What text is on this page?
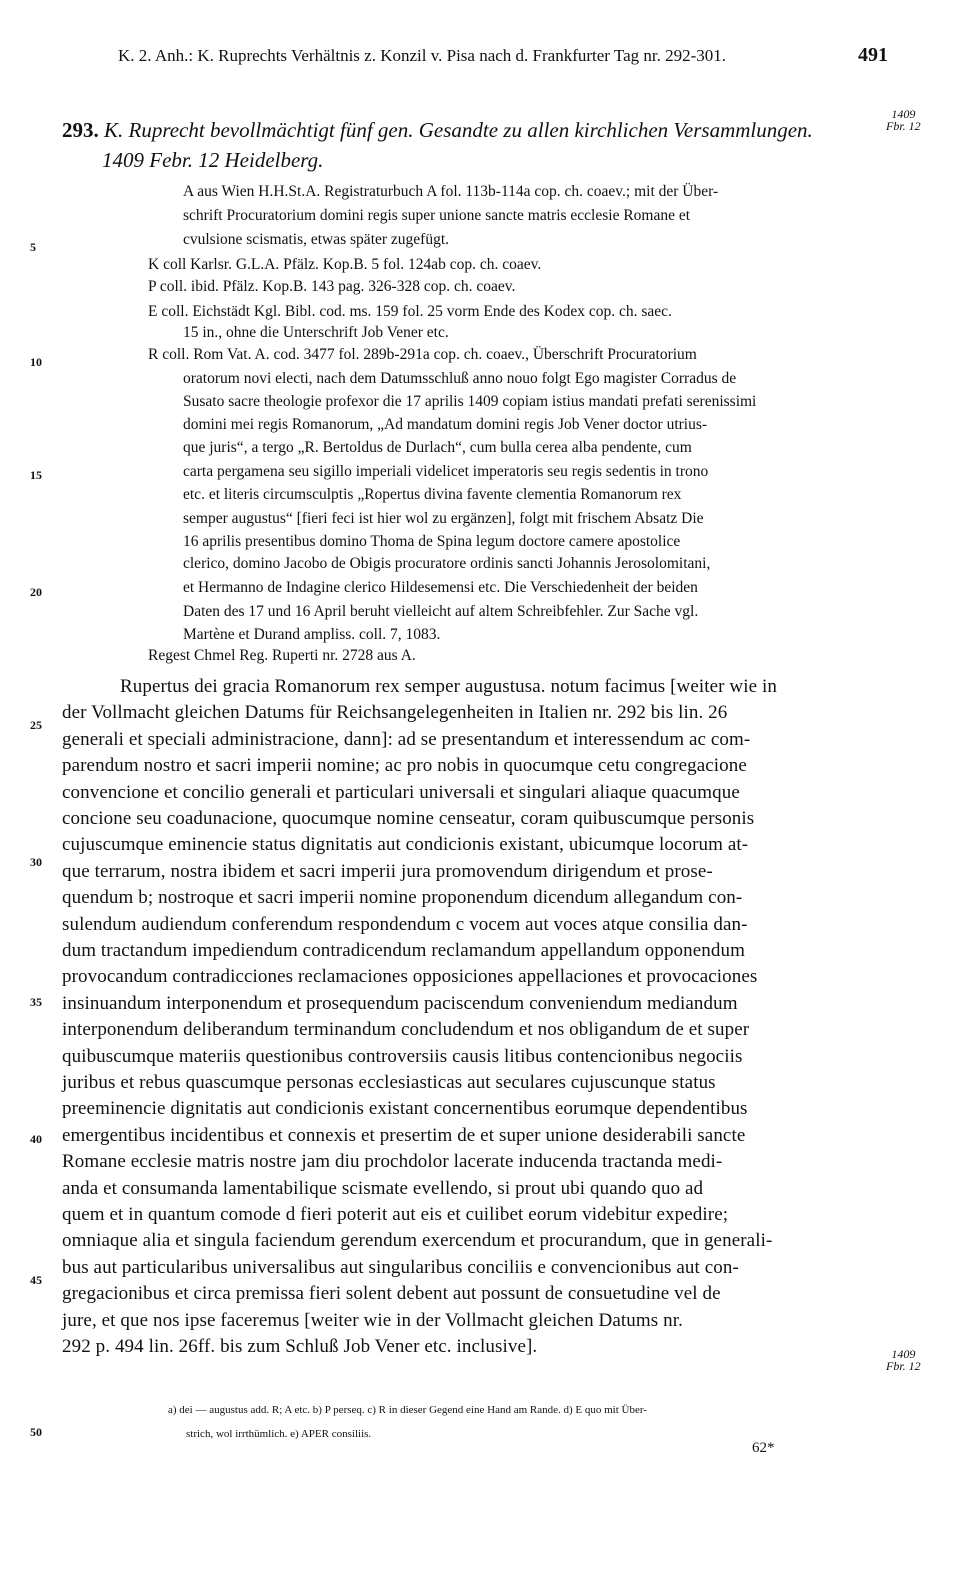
K. 2. Anh.: K. Ruprechts Verhältnis z. Konzil v. Pisa nach d. Frankfurter Tag nr. 292-301.	491
293. K. Ruprecht bevollmächtigt fünf gen. Gesandte zu allen kirchlichen Versammlungen.
1409 Febr. 12 Heidelberg.
1409
Fbr. 12
A aus Wien H.H.St.A. Registraturbuch A fol. 113b-114a cop. ch. coaev.; mit der Über-
schrift Procuratorium domini regis super unione sancte matris ecclesie Romane et
cvulsione scismatis, etwas später zugefügt.
K coll Karlsr. G.L.A. Pfälz. Kop.B. 5 fol. 124ab cop. ch. coaev.
P coll. ibid. Pfälz. Kop.B. 143 pag. 326-328 cop. ch. coaev.
E coll. Eichstädt Kgl. Bibl. cod. ms. 159 fol. 25 vorm Ende des Kodex cop. ch. saec.
15 in., ohne die Unterschrift Job Vener etc.
R coll. Rom Vat. A. cod. 3477 fol. 289b-291a cop. ch. coaev., Überschrift Procuratorium
oratorum novi electi, nach dem Datumsschluß anno nouo folgt Ego magister Corradus de
Susato sacre theologie profexor die 17 aprilis 1409 copiam istius mandati prefati serenissimi
domini mei regis Romanorum, „Ad mandatum domini regis Job Vener doctor utrius-
que juris“, a tergo „R. Bertoldus de Durlach“, cum bulla cerea alba pendente, cum
carta pergamena seu sigillo imperiali videlicet imperatoris seu regis sedentis in trono
etc. et literis circumsculptis „Ropertus divina favente clementia Romanorum rex
semper augustus“ [fieri feci ist hier wol zu ergänzen], folgt mit frischem Absatz Die
16 aprilis presentibus domino Thoma de Spina legum doctore camere apostolice
clerico, domino Jacobo de Obigis procuratore ordinis sancti Johannis Jerosolomitani,
et Hermanno de Indagine clerico Hildesemensi etc. Die Verschiedenheit der beiden
Daten des 17 und 16 April beruht vielleicht auf altem Schreibfehler. Zur Sache vgl.
Martène et Durand ampliss. coll. 7, 1083.
Regest Chmel Reg. Ruperti nr. 2728 aus A.
Rupertus dei gracia Romanorum rex semper augustusa. notum facimus [weiter wie in
der Vollmacht gleichen Datums für Reichsangelegenheiten in Italien nr. 292 bis lin. 26
generali et speciali administracione, dann]: ad se presentandum et interessendum ac com-
parendum nostro et sacri imperii nomine; ac pro nobis in quocumque cetu congregacione
convencione et concilio generali et particulari universali et singulari aliaque quacumque
concione seu coadunacione, quocumque nomine censeatur, coram quibuscumque personis
cujuscumque eminencie status dignitatis aut condicionis existant, ubicumque locorum at-
que terrarum, nostra ibidem et sacri imperii jura promovendum dirigendum et prose-
quendum b; nostroque et sacri imperii nomine proponendum dicendum allegandum con-
sulendum audiendum conferendum respondendum c vocem aut voces atque consilia dan-
dum tractandum impediendum contradicendum reclamandum appellandum opponendum
provocandum contradicciones reclamaciones opposiciones appellaciones et provocaciones
insinuandum interponendum et prosequendum paciscendum conveniendum mediandum
interponendum deliberandum terminandum concludendum et nos obligandum de et super
quibuscumque materiis questionibus controversiis causis litibus contencionibus negociis
juribus et rebus quascumque personas ecclesiasticas aut seculares cujuscunque status
preeminencie dignitatis aut condicionis existant concernentibus eorumque dependentibus
emergentibus incidentibus et connexis et presertim de et super unione desiderabili sancte
Romane ecclesie matris nostre jam diu prochdolor lacerate inducenda tractanda medi-
anda et consumanda lamentabilique scismate evellendo, si prout ubi quando quo ad
quem et in quantum comode d fieri poterit aut eis et cuilibet eorum videbitur expedire;
omniaque alia et singula faciendum gerendum exercendum et procurandum, que in generali-
bus aut particularibus universalibus aut singularibus conciliis e convencionibus aut con-
gregacionibus et circa premissa fieri solent debent aut possunt de consuetudine vel de
jure, et que nos ipse faceremus [weiter wie in der Vollmacht gleichen Datums nr.
292 p. 494 lin. 26ff. bis zum Schluß Job Vener etc. inclusive].	1409
Fbr. 12
5
10
15
20
25
30
35
40
45
50
a) dei — augustus add. R; A etc. b) P perseq. c) R in dieser Gegend eine Hand am Rande. d) E quo mit Über-
strich, wol irrthümlich. e) APER consiliis.
62*
